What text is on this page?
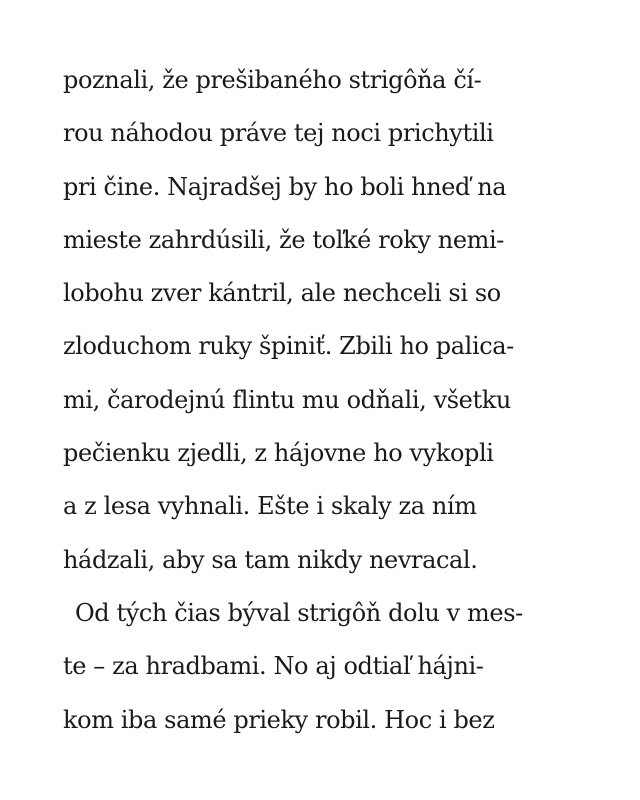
poznali, že prešibaného strigôňa čí-
rou náhodou práve tej noci prichytili
pri čine. Najradšej by ho boli hneď na
mieste zahrdúsili, že toľké roky nemi-
lobohu zver kántril, ale nechceli si so
zloduchom ruky špiniť. Zbili ho palica-
mi, čarodejnú flintu mu odňali, všetku
pečienku zjedli, z hájovne ho vykopli
a z lesa vyhnali. Ešte i skaly za ním
hádzali, aby sa tam nikdy nevracal.
Od tých čias býval strigôň dolu v mes-
te – za hradbami. No aj odtiaľ hájni-
kom iba samé prieky robil. Hoc i bez
